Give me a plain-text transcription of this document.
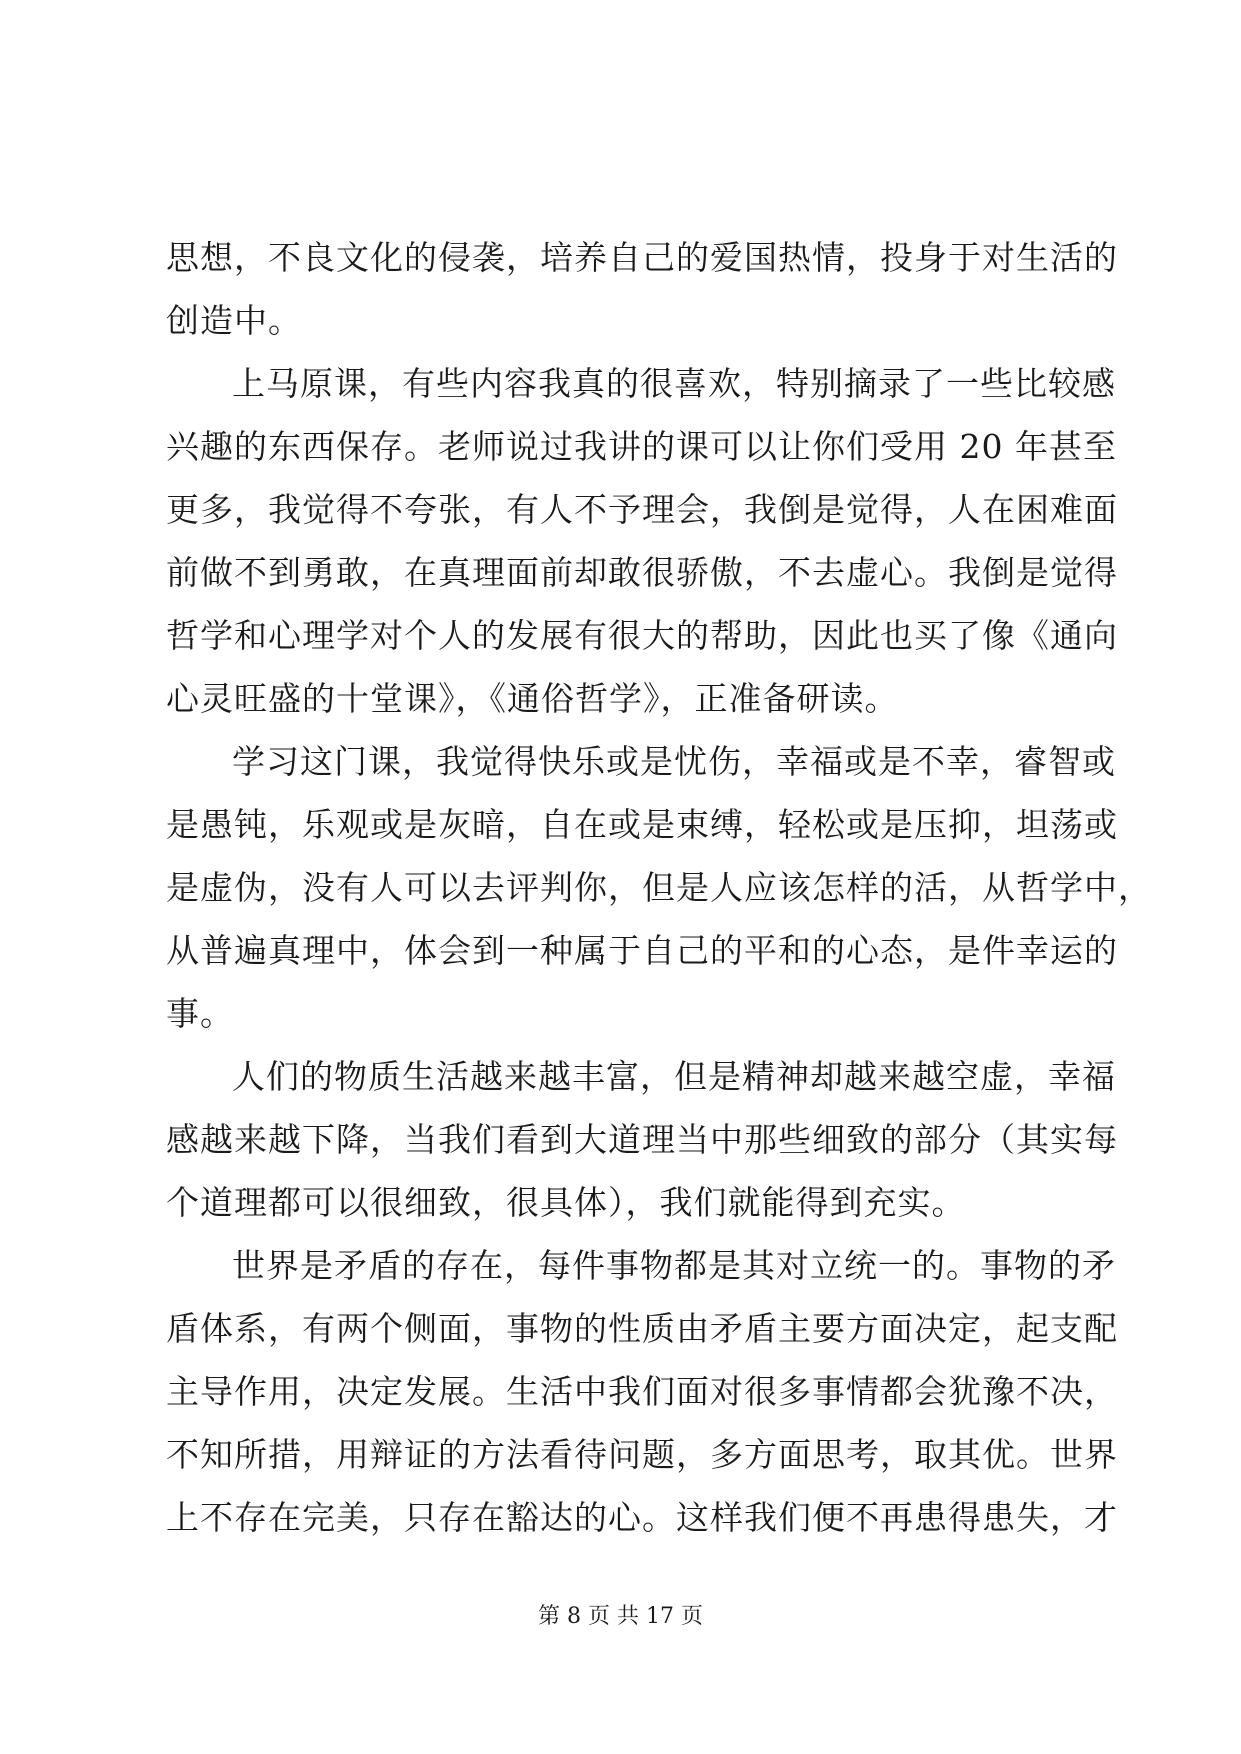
思想，不良文化的侵袭，培养自己的爱国热情，投身于对生活的
创造中。
上马原课，有些内容我真的很喜欢，特别摘录了一些比较感
兴趣的东西保存。老师说过我讲的课可以让你们受用 20 年甚至
更多，我觉得不夸张，有人不予理会，我倒是觉得，人在困难面
前做不到勇敢，在真理面前却敢很骄傲，不去虚心。我倒是觉得
哲学和心理学对个人的发展有很大的帮助，因此也买了像《通向
心灵旺盛的十堂课》，《通俗哲学》，正准备研读。
学习这门课，我觉得快乐或是忧伤，幸福或是不幸，睿智或
是愚钝，乐观或是灰暗，自在或是束缚，轻松或是压抑，坦荡或
是虚伪，没有人可以去评判你，但是人应该怎样的活，从哲学中，
从普遍真理中，体会到一种属于自己的平和的心态，是件幸运的
事。
人们的物质生活越来越丰富，但是精神却越来越空虚，幸福
感越来越下降，当我们看到大道理当中那些细致的部分（其实每
个道理都可以很细致，很具体），我们就能得到充实。
世界是矛盾的存在，每件事物都是其对立统一的。事物的矛
盾体系，有两个侧面，事物的性质由矛盾主要方面决定，起支配
主导作用，决定发展。生活中我们面对很多事情都会犹豫不决，
不知所措，用辩证的方法看待问题，多方面思考，取其优。世界
上不存在完美，只存在豁达的心。这样我们便不再患得患失，才
第 8 页 共 17 页
